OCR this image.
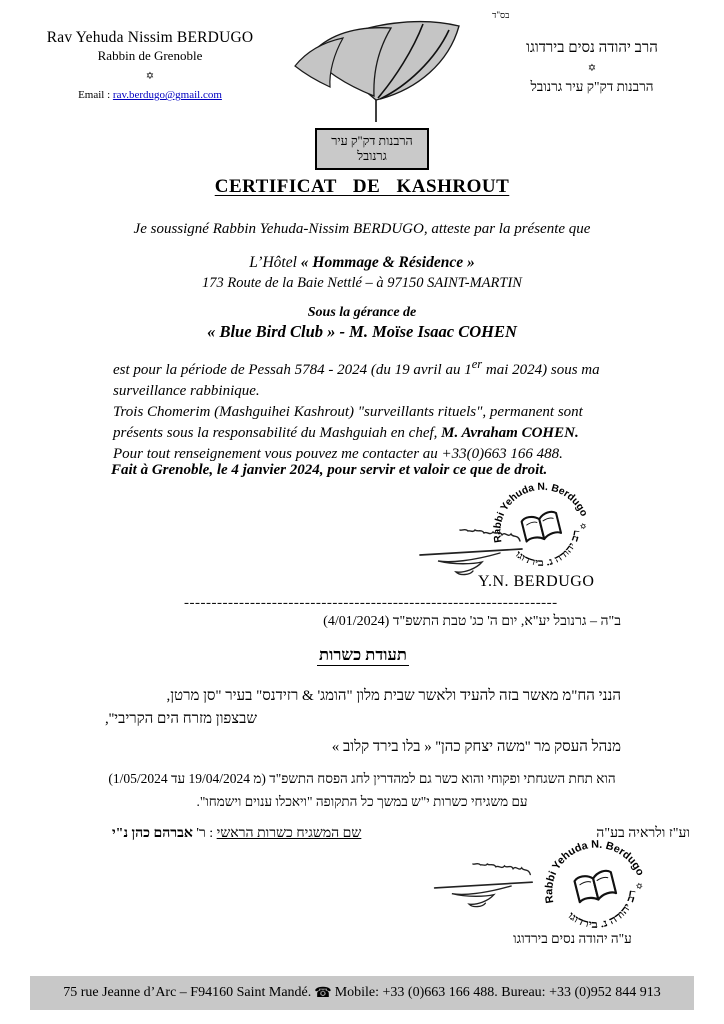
בס"ד
Rav Yehuda Nissim BERDUGO
Rabbin de Grenoble
✡
Email : rav.berdugo@gmail.com
הרבנות דק"ק עיר גרנובל
הרב יהודה נסים בירדוגו
✡
הרבנות דק"ק עיר גרנובל
CERTIFICAT DE KASHROUT
Je soussigné Rabbin Yehuda-Nissim BERDUGO, atteste par la présente que
L’Hôtel « Hommage & Résidence »
173 Route de la Baie Nettlé – à 97150 SAINT-MARTIN
Sous la gérance de
« Blue Bird Club » - M. Moïse Isaac COHEN
est pour la période de Pessah 5784 - 2024 (du 19 avril au 1er mai 2024) sous ma surveillance rabbinique.
Trois Chomerim (Mashguihei Kashrout) "surveillants rituels", permanent sont présents sous la responsabilité du Mashguiah en chef, M. Avraham COHEN.
Pour tout renseignement vous pouvez me contacter au +33(0)663 166 488.
Fait à Grenoble, le 4 janvier 2024, pour servir et valoir ce que de droit.
Rabbi Yehuda N. Berdugo
הרב יהודה נ. בירדוגו
✡
Y.N. BERDUGO
--------------------------------------------------------------------
ב"ה – גרנובל יע"א, יום ה' כג' טבת התשפ"ד (4/01/2024)
תעודת כשרות
הנני הח"מ מאשר בזה להעיד ולאשר שבית מלון "הומג' & רזידנס" בעיר "סן מרטן,
שבצפון מזרח הים הקריבי'',
מנהל העסק מר ''משה יצחק כהן'' « בלו בירד קלוב »
הוא תחת השגחתי ופקוחי והוא כשר גם למהדרין לחג הפסח התשפ"ד (מ 19/04/2024 עד 1/05/2024)
עם משגיחי כשרות י"ש במשך כל התקופה "ויאכלו ענוים וישמחו".
וע"ז ולראיה בע"ה
שם המשגיח כשרות הראשי : ר' אברהם כהן נ"י
Rabbi Yehuda N. Berdugo
הרב יהודה נ. בירדוגו
✡
ע"ה יהודה נסים בירדוגו
75 rue Jeanne d’Arc – F94160 Saint Mandé. ☎ Mobile: +33 (0)663 166 488. Bureau: +33 (0)952 844 913
